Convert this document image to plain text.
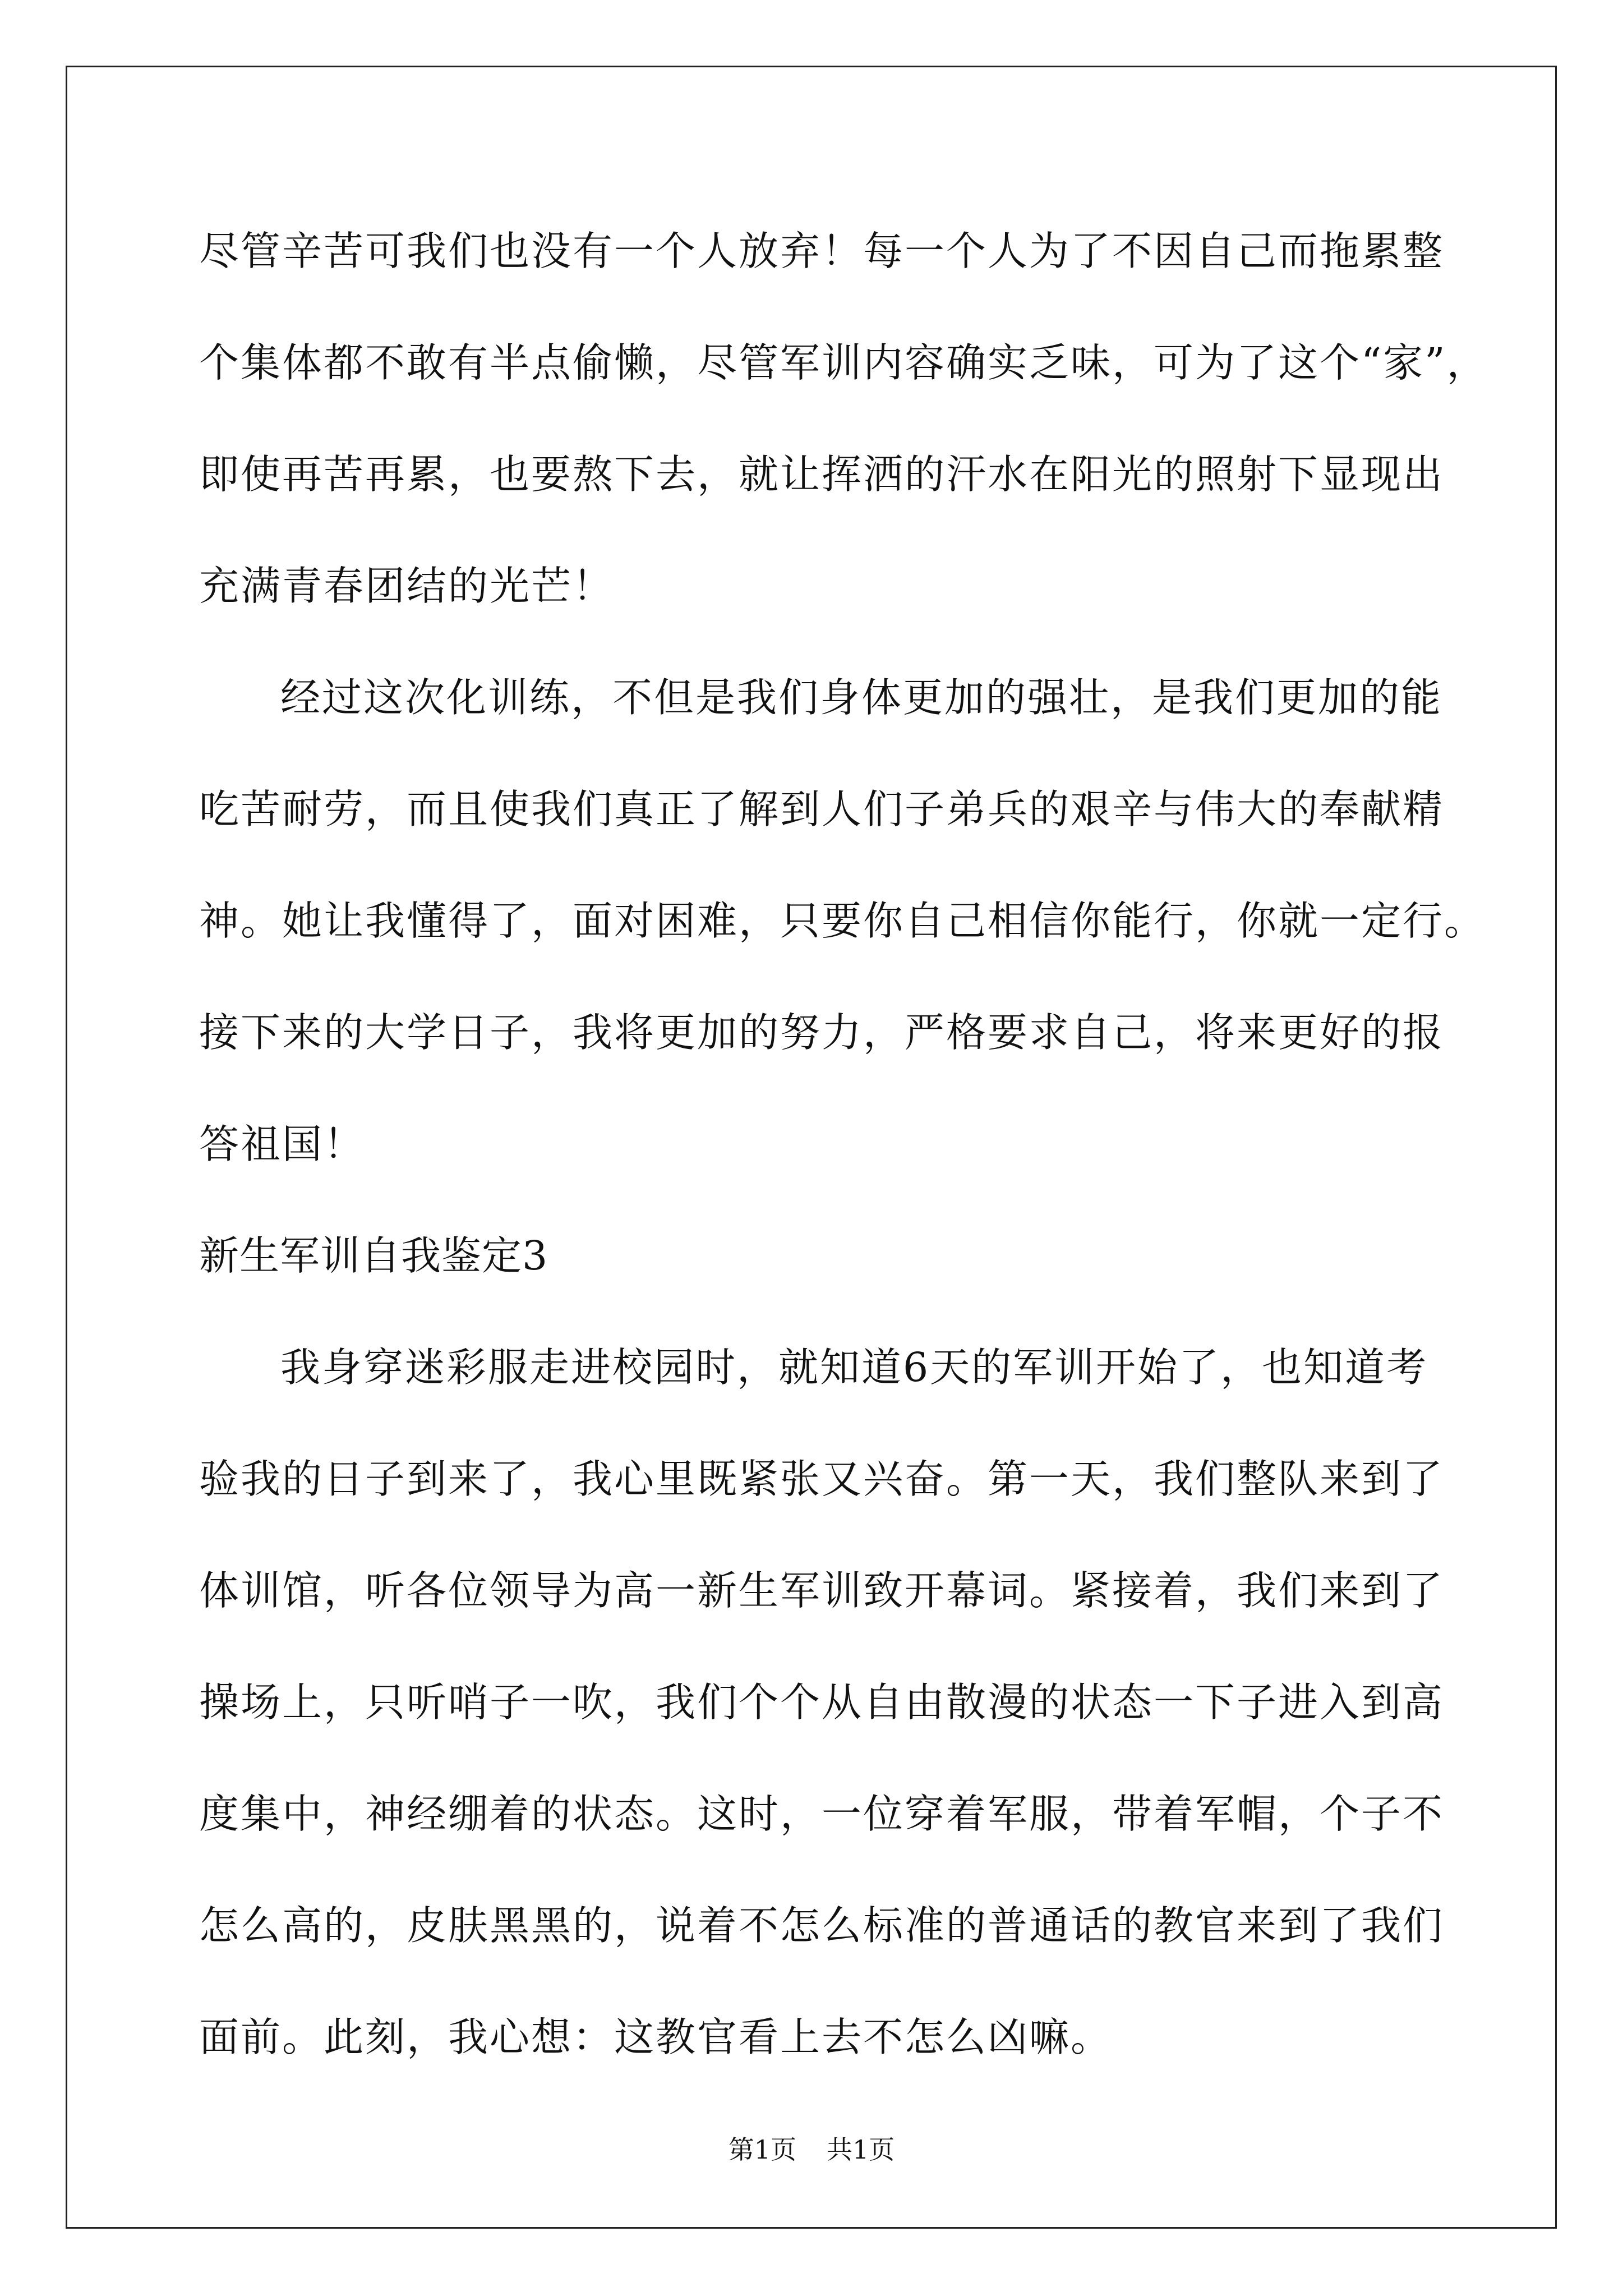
尽管辛苦可我们也没有一个人放弃！每一个人为了不因自己而拖累整
个集体都不敢有半点偷懒，尽管军训内容确实乏味，可为了这个“家”，
即使再苦再累，也要熬下去，就让挥洒的汗水在阳光的照射下显现出
充满青春团结的光芒！
经过这次化训练，不但是我们身体更加的强壮，是我们更加的能
吃苦耐劳，而且使我们真正了解到人们子弟兵的艰辛与伟大的奉献精
神。她让我懂得了，面对困难，只要你自己相信你能行，你就一定行。
接下来的大学日子，我将更加的努力，严格要求自己，将来更好的报
答祖国！
新生军训自我鉴定3
我身穿迷彩服走进校园时，就知道6天的军训开始了，也知道考
验我的日子到来了，我心里既紧张又兴奋。第一天，我们整队来到了
体训馆，听各位领导为高一新生军训致开幕词。紧接着，我们来到了
操场上，只听哨子一吹，我们个个从自由散漫的状态一下子进入到高
度集中，神经绷着的状态。这时，一位穿着军服，带着军帽，个子不
怎么高的，皮肤黑黑的，说着不怎么标准的普通话的教官来到了我们
面前。此刻，我心想：这教官看上去不怎么凶嘛。
第1页 共1页
